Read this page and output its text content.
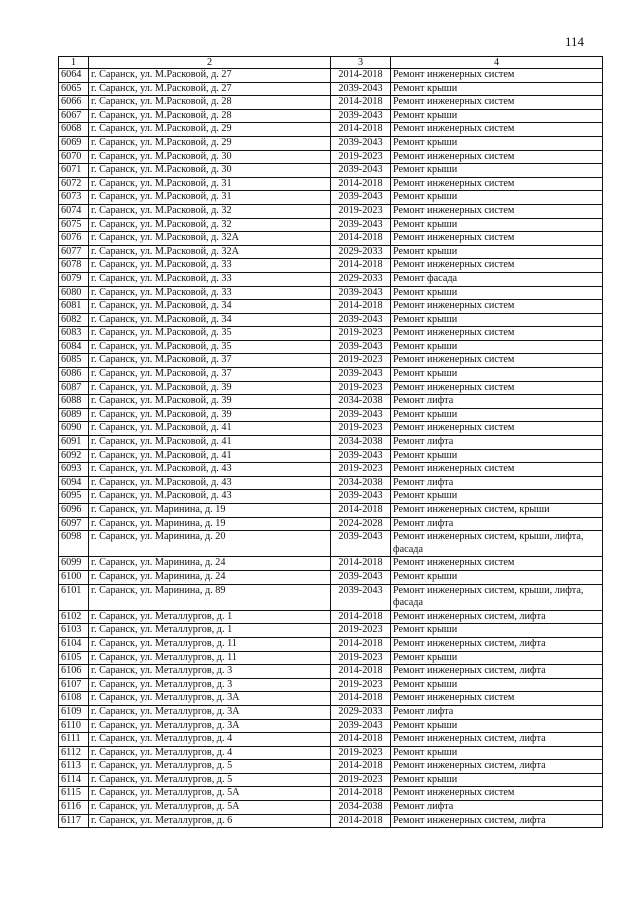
114
1	2	3	4
6064	г. Саранск, ул. М.Расковой, д. 27	2014-2018	Ремонт инженерных систем
6065	г. Саранск, ул. М.Расковой, д. 27	2039-2043	Ремонт крыши
6066	г. Саранск, ул. М.Расковой, д. 28	2014-2018	Ремонт инженерных систем
6067	г. Саранск, ул. М.Расковой, д. 28	2039-2043	Ремонт крыши
6068	г. Саранск, ул. М.Расковой, д. 29	2014-2018	Ремонт инженерных систем
6069	г. Саранск, ул. М.Расковой, д. 29	2039-2043	Ремонт крыши
6070	г. Саранск, ул. М.Расковой, д. 30	2019-2023	Ремонт инженерных систем
6071	г. Саранск, ул. М.Расковой, д. 30	2039-2043	Ремонт крыши
6072	г. Саранск, ул. М.Расковой, д. 31	2014-2018	Ремонт инженерных систем
6073	г. Саранск, ул. М.Расковой, д. 31	2039-2043	Ремонт крыши
6074	г. Саранск, ул. М.Расковой, д. 32	2019-2023	Ремонт инженерных систем
6075	г. Саранск, ул. М.Расковой, д. 32	2039-2043	Ремонт крыши
6076	г. Саранск, ул. М.Расковой, д. 32А	2014-2018	Ремонт инженерных систем
6077	г. Саранск, ул. М.Расковой, д. 32А	2029-2033	Ремонт крыши
6078	г. Саранск, ул. М.Расковой, д. 33	2014-2018	Ремонт инженерных систем
6079	г. Саранск, ул. М.Расковой, д. 33	2029-2033	Ремонт фасада
6080	г. Саранск, ул. М.Расковой, д. 33	2039-2043	Ремонт крыши
6081	г. Саранск, ул. М.Расковой, д. 34	2014-2018	Ремонт инженерных систем
6082	г. Саранск, ул. М.Расковой, д. 34	2039-2043	Ремонт крыши
6083	г. Саранск, ул. М.Расковой, д. 35	2019-2023	Ремонт инженерных систем
6084	г. Саранск, ул. М.Расковой, д. 35	2039-2043	Ремонт крыши
6085	г. Саранск, ул. М.Расковой, д. 37	2019-2023	Ремонт инженерных систем
6086	г. Саранск, ул. М.Расковой, д. 37	2039-2043	Ремонт крыши
6087	г. Саранск, ул. М.Расковой, д. 39	2019-2023	Ремонт инженерных систем
6088	г. Саранск, ул. М.Расковой, д. 39	2034-2038	Ремонт лифта
6089	г. Саранск, ул. М.Расковой, д. 39	2039-2043	Ремонт крыши
6090	г. Саранск, ул. М.Расковой, д. 41	2019-2023	Ремонт инженерных систем
6091	г. Саранск, ул. М.Расковой, д. 41	2034-2038	Ремонт лифта
6092	г. Саранск, ул. М.Расковой, д. 41	2039-2043	Ремонт крыши
6093	г. Саранск, ул. М.Расковой, д. 43	2019-2023	Ремонт инженерных систем
6094	г. Саранск, ул. М.Расковой, д. 43	2034-2038	Ремонт лифта
6095	г. Саранск, ул. М.Расковой, д. 43	2039-2043	Ремонт крыши
6096	г. Саранск, ул. Маринина, д. 19	2014-2018	Ремонт инженерных систем, крыши
6097	г. Саранск, ул. Маринина, д. 19	2024-2028	Ремонт лифта
6098	г. Саранск, ул. Маринина, д. 20	2039-2043	Ремонт инженерных систем, крыши, лифта, фасада
6099	г. Саранск, ул. Маринина, д. 24	2014-2018	Ремонт инженерных систем
6100	г. Саранск, ул. Маринина, д. 24	2039-2043	Ремонт крыши
6101	г. Саранск, ул. Маринина, д. 89	2039-2043	Ремонт инженерных систем, крыши, лифта, фасада
6102	г. Саранск, ул. Металлургов, д. 1	2014-2018	Ремонт инженерных систем, лифта
6103	г. Саранск, ул. Металлургов, д. 1	2019-2023	Ремонт крыши
6104	г. Саранск, ул. Металлургов, д. 11	2014-2018	Ремонт инженерных систем, лифта
6105	г. Саранск, ул. Металлургов, д. 11	2019-2023	Ремонт крыши
6106	г. Саранск, ул. Металлургов, д. 3	2014-2018	Ремонт инженерных систем, лифта
6107	г. Саранск, ул. Металлургов, д. 3	2019-2023	Ремонт крыши
6108	г. Саранск, ул. Металлургов, д. 3А	2014-2018	Ремонт инженерных систем
6109	г. Саранск, ул. Металлургов, д. 3А	2029-2033	Ремонт лифта
6110	г. Саранск, ул. Металлургов, д. 3А	2039-2043	Ремонт крыши
6111	г. Саранск, ул. Металлургов, д. 4	2014-2018	Ремонт инженерных систем, лифта
6112	г. Саранск, ул. Металлургов, д. 4	2019-2023	Ремонт крыши
6113	г. Саранск, ул. Металлургов, д. 5	2014-2018	Ремонт инженерных систем, лифта
6114	г. Саранск, ул. Металлургов, д. 5	2019-2023	Ремонт крыши
6115	г. Саранск, ул. Металлургов, д. 5А	2014-2018	Ремонт инженерных систем
6116	г. Саранск, ул. Металлургов, д. 5А	2034-2038	Ремонт лифта
6117	г. Саранск, ул. Металлургов, д. 6	2014-2018	Ремонт инженерных систем, лифта
